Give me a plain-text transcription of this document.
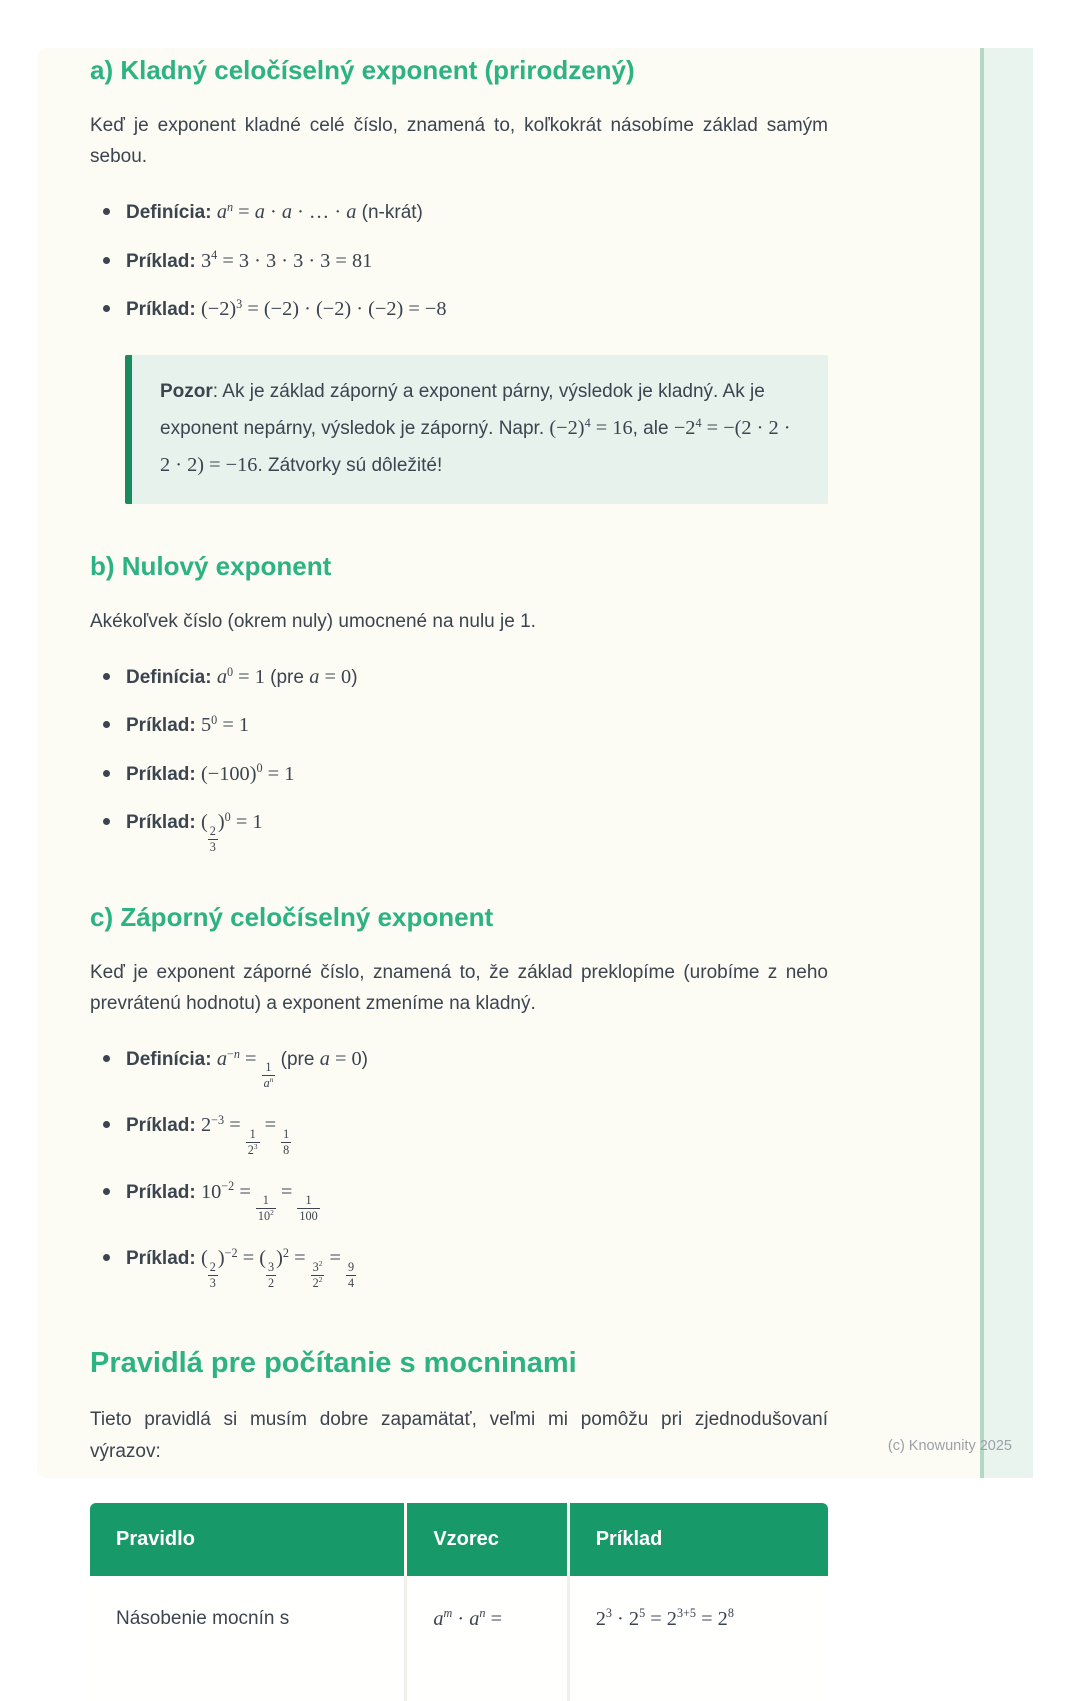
a) Kladný celočíselný exponent (prirodzený)

Keď je exponent kladné celé číslo, znamená to, koľkokrát násobíme základ samým sebou.

Definícia: $a^n = a \cdot a$ · … · a (n-krát)
Príklad: $3^4 = 3 \cdot 3 \cdot 3 \cdot 3 = 81$
Príklad: $(-2)^3 = (-2) \cdot (-2) \cdot (-2) = -8$
Pozor: Ak je základ záporný a exponent párny, výsledok je kladný. Ak je exponent nepárny, výsledok je záporný. Napr. $(-2)^4 = 16$, ale $-2^4 = -(2 \cdot 2 \cdot 2 \cdot 2) = -16$. Zátvorky sú dôležité!
b) Nulový exponent

Akékoľvek číslo (okrem nuly) umocnené na nulu je 1.

Definícia: $a^0 = 1$ (pre a = 0)
Príklad: $5^0 = 1$
Príklad: $(-100)^0 = 1$
Príklad: (
$\frac{2}{3}$
)$^0$ = 1
c) Záporný celočíselný exponent

Keď je exponent záporné číslo, znamená to, že základ preklopíme (urobíme z neho prevrátenú hodnotu) a exponent zmeníme na kladný.

Definícia: $a^{-n}$ =
$\frac{1}{a^n}$
(pre a = 0)
Príklad: $2^{-3}$ =
$\frac{1}{2^3}$
=
$\frac{1}{8}$
Príklad: $10^{-2}$ =
$\frac{1}{10^2}$
=
$\frac{1}{100}$
Príklad: (
$\frac{2}{3}$
)$^{-2}$ = (
$\frac{3}{2}$
)$^2$ =
$\frac{3^2}{2^2}$
=
$\frac{9}{4}$
Pravidlá pre počítanie s mocninami

Tieto pravidlá si musím dobre zapamätať, veľmi mi pomôžu pri zjednodušovaní výrazov:

Pravidlo	Vzorec	Príklad
Násobenie mocnín s	$a^m \cdot a^n$ =	$2^3 \cdot 2^5 = 2^{3+5} = 2^8$
(c) Knowunity 2025
